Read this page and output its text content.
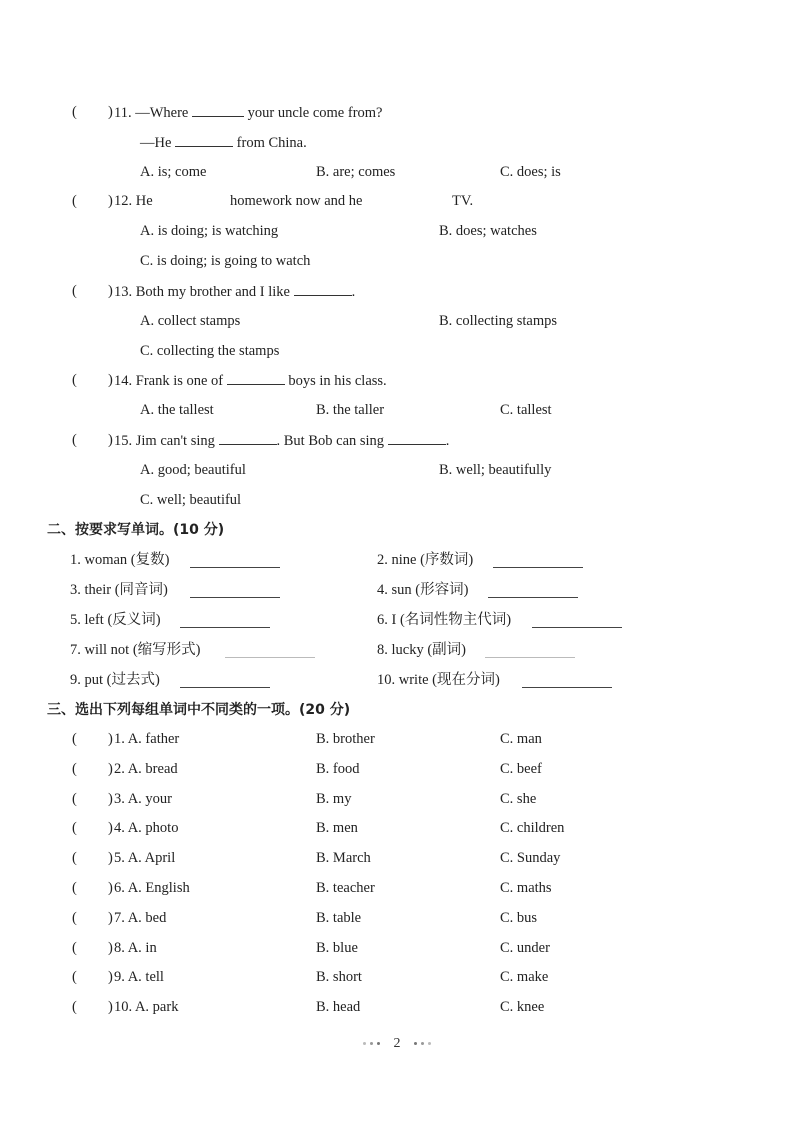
( ) 11. —Where	your uncle come from?
—He	from China.
A. is; come	B. are; comes	C. does; is
( ) 12. He	homework now and he	TV.
A. is doing; is watching	B. does; watches
C. is doing; is going to watch
( ) 13. Both my brother and I like	.
A. collect stamps	B. collecting stamps
C. collecting the stamps
( ) 14. Frank is one of	boys in his class.
A. the tallest	B. the taller	C. tallest
( ) 15. Jim can't sing	. But Bob can sing	.
A. good; beautiful	B. well; beautifully
C. well; beautiful
二、按要求写单词。(10 分)
1. woman (复数)	2. nine (序数词)
3. their (同音词)	4. sun (形容词)
5. left (反义词)	6. I (名词性物主代词)
7. will not (缩写形式)	8. lucky (副词)
9. put (过去式)	10. write (现在分词)
三、选出下列每组单词中不同类的一项。(20 分)
( ) 1. A. father	B. brother	C. man
( ) 2. A. bread	B. food	C. beef
( ) 3. A. your	B. my	C. she
( ) 4. A. photo	B. men	C. children
( ) 5. A. April	B. March	C. Sunday
( ) 6. A. English	B. teacher	C. maths
( ) 7. A. bed	B. table	C. bus
( ) 8. A. in	B. blue	C. under
( ) 9. A. tell	B. short	C. make
( ) 10. A. park	B. head	C. knee
2
